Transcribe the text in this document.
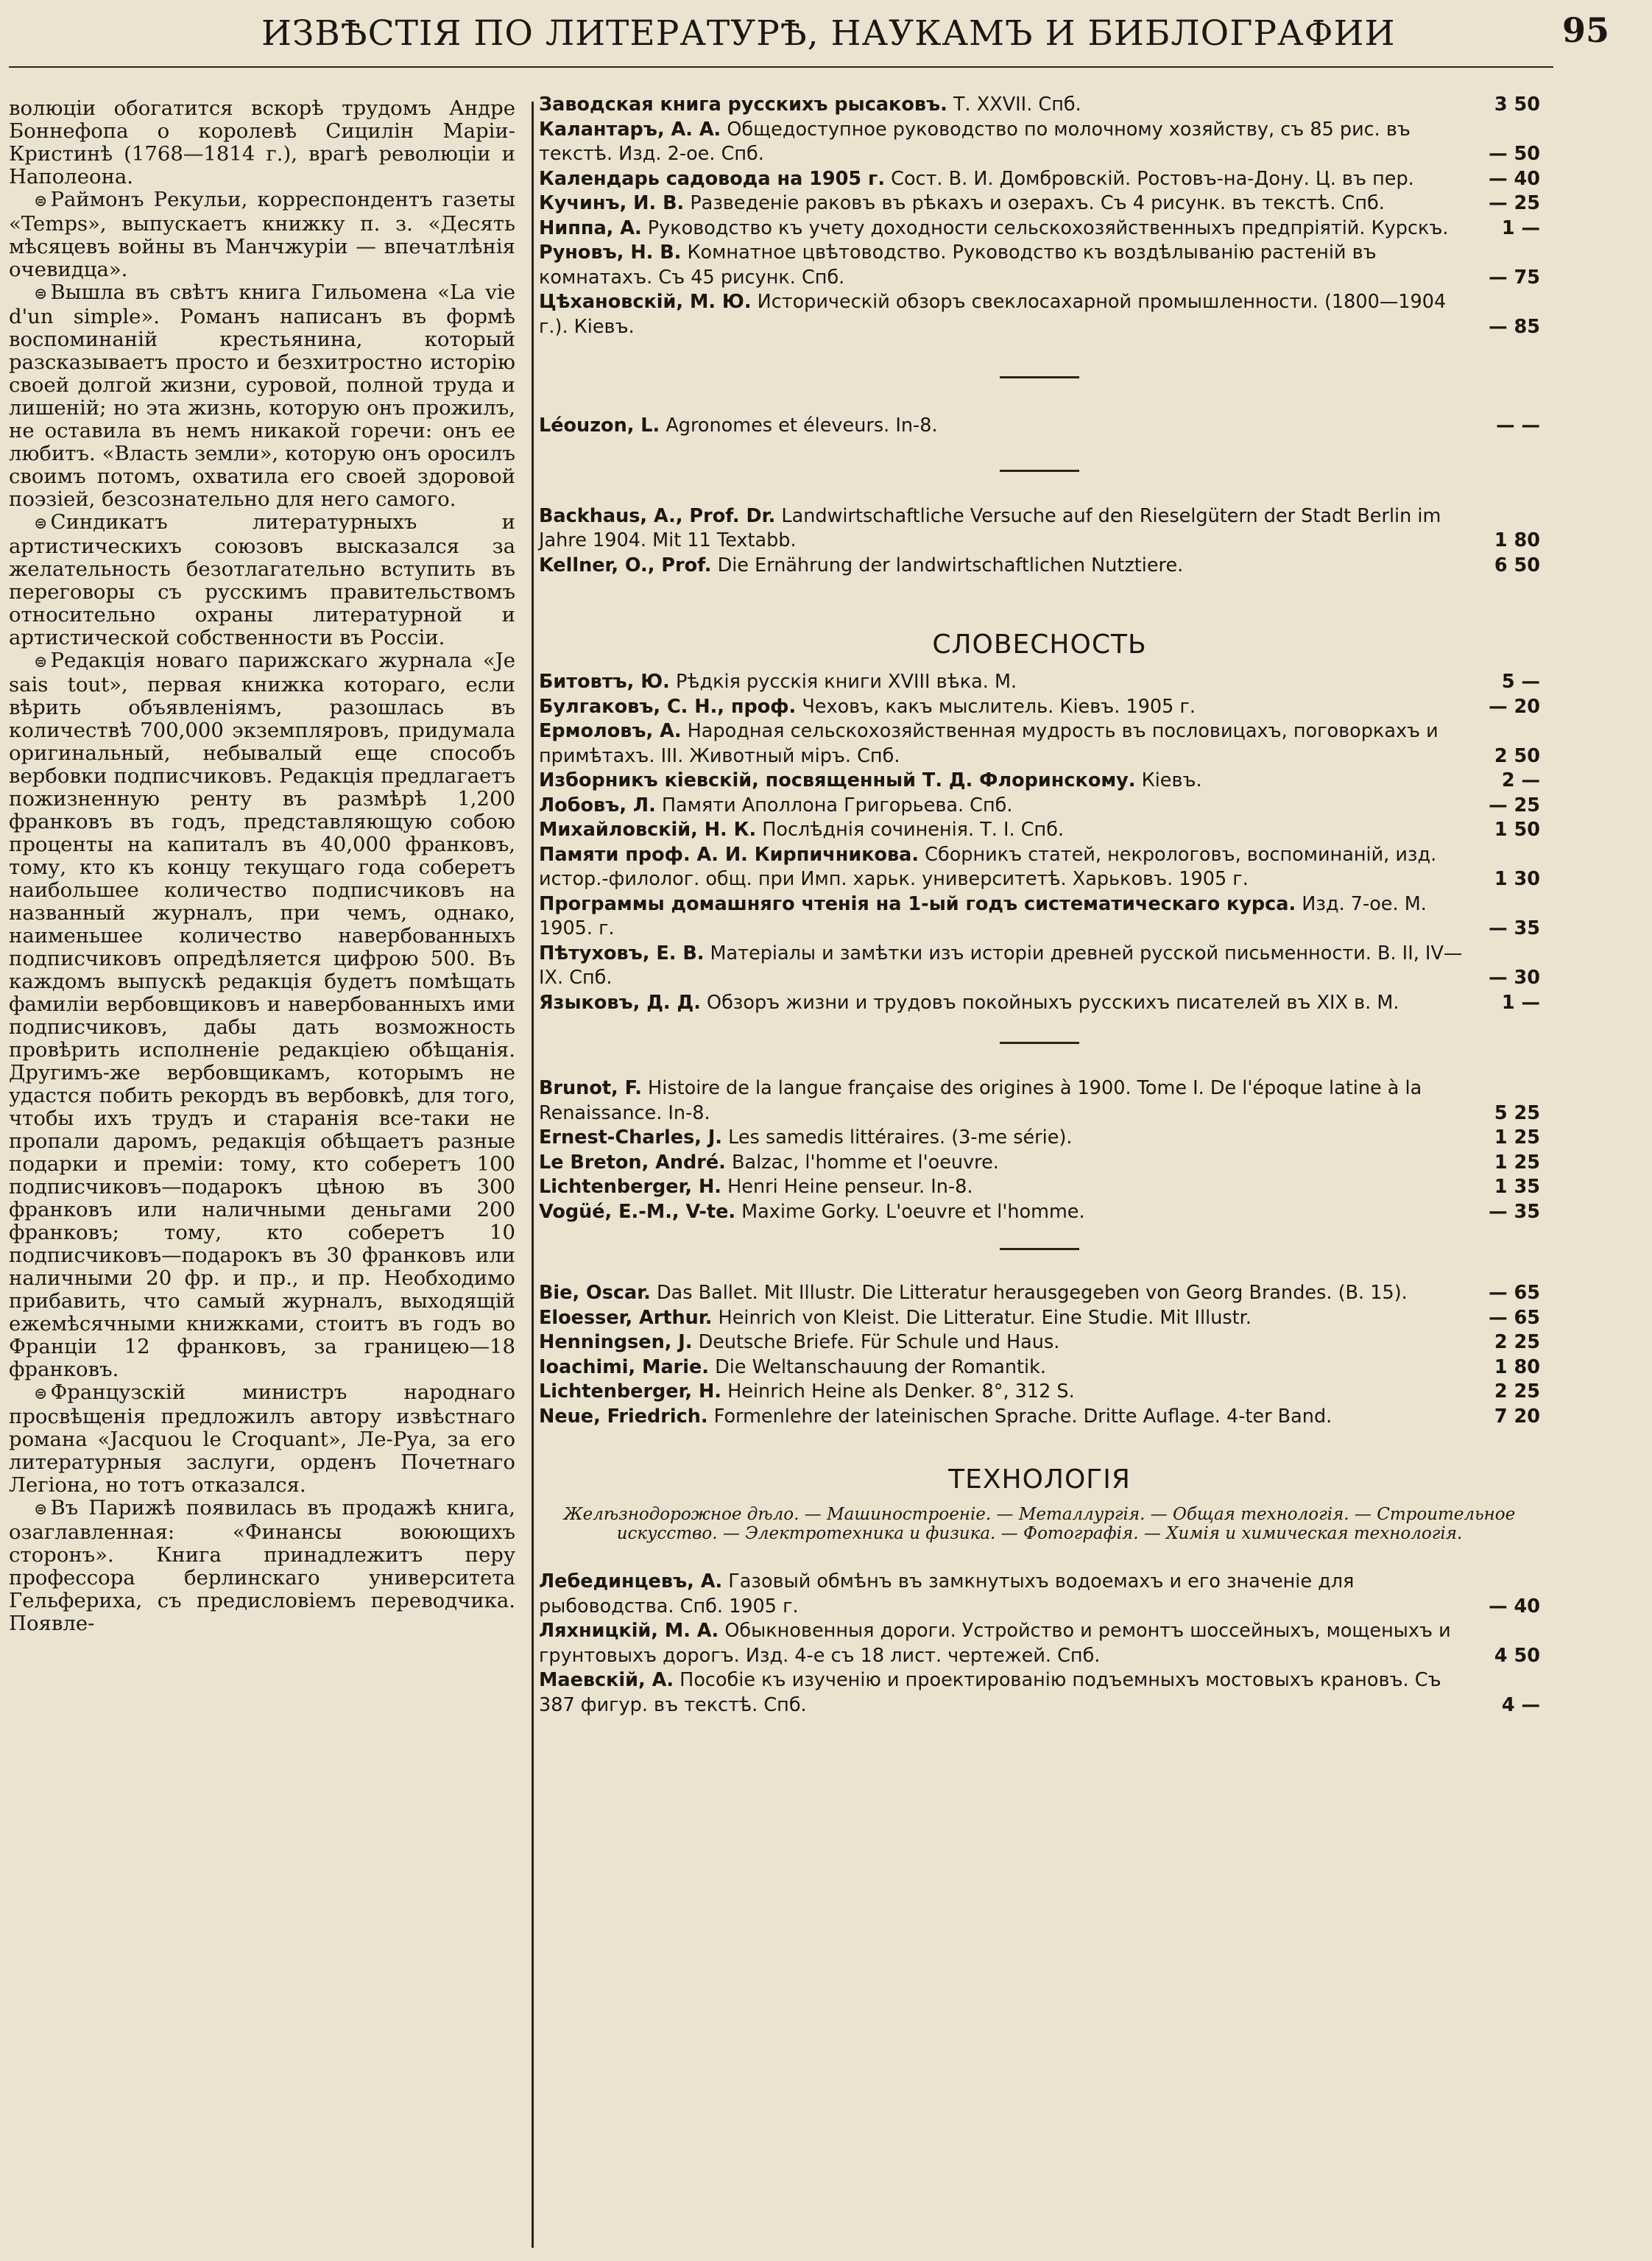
ИЗВѢСТІЯ ПО ЛИТЕРАТУРѢ, НАУКАМЪ И БИБЛОГРАФИИ	95

волюціи обогатится вскорѣ трудомъ Андре Боннефопа о королевѣ Сицилін Маріи-Кристинѣ (1768—1814 г.), врагѣ революціи и Наполеона.

⊜ Раймонъ Рекульи, корреспондентъ газеты «Temps», выпускаетъ книжку п. з. «Десять мѣсяцевъ войны въ Манчжуріи — впечатлѣнія очевидца».

⊜ Вышла въ свѣтъ книга Гильомена «La vie d'un simple». Романъ написанъ въ формѣ воспоминаній крестьянина, который разсказываетъ просто и безхитростно исторію своей долгой жизни, суровой, полной труда и лишеній; но эта жизнь, которую онъ прожилъ, не оставила въ немъ никакой горечи: онъ ее любитъ. «Власть земли», которую онъ оросилъ своимъ потомъ, охватила его своей здоровой поэзіей, безсознательно для него самого.

⊜ Синдикатъ литературныхъ и артистическихъ союзовъ высказался за желательность безотлагательно вступить въ переговоры съ русскимъ правительствомъ относительно охраны литературной и артистической собственности въ Россіи.

⊜ Редакція новаго парижскаго журнала «Je sais tout», первая книжка котораго, если вѣрить объявленіямъ, разошлась въ количествѣ 700,000 экземпляровъ, придумала оригинальный, небывалый еще способъ вербовки подписчиковъ. Редакція предлагаетъ пожизненную ренту въ размѣрѣ 1,200 франковъ въ годъ, представляющую собою проценты на капиталъ въ 40,000 франковъ, тому, кто къ концу текущаго года соберетъ наибольшее количество подписчиковъ на названный журналъ, при чемъ, однако, наименьшее количество навербованныхъ подписчиковъ опредѣляется цифрою 500. Въ каждомъ выпускѣ редакція будетъ помѣщать фамиліи вербовщиковъ и навербованныхъ ими подписчиковъ, дабы дать возможность провѣрить исполненіе редакціею обѣщанія. Другимъ-же вербовщикамъ, которымъ не удастся побить рекордъ въ вербовкѣ, для того, чтобы ихъ трудъ и старанія все-таки не пропали даромъ, редакція обѣщаетъ разные подарки и преміи: тому, кто соберетъ 100 подписчиковъ—подарокъ цѣною въ 300 франковъ или наличными деньгами 200 франковъ; тому, кто соберетъ 10 подписчиковъ—подарокъ въ 30 франковъ или наличными 20 фр. и пр., и пр. Необходимо прибавить, что самый журналъ, выходящій ежемѣсячными книжками, стоитъ въ годъ во Франціи 12 франковъ, за границею—18 франковъ.

⊜ Французскій министръ народнаго просвѣщенія предложилъ автору извѣстнаго романа «Jacquou le Croquant», Ле-Руа, за его литературныя заслуги, орденъ Почетнаго Легіона, но тотъ отказался.

⊜ Въ Парижѣ появилась въ продажѣ книга, озаглавленная: «Финансы воюющихъ сторонъ». Книга принадлежитъ перу профессора берлинскаго университета Гельфериха, съ предисловіемъ переводчика. Появле-

Заводская книга русскихъ рысаковъ. Т. XXVII. Спб.	3 50
Калантаръ, А. А. Общедоступное руководство по молочному хозяйству, съ 85 рис. въ текстѣ. Изд. 2-ое. Спб.	— 50
Календарь садовода на 1905 г. Сост. В. И. Домбровскій. Ростовъ-на-Дону. Ц. въ пер.	— 40
Кучинъ, И. В. Разведеніе раковъ въ рѣкахъ и озерахъ. Съ 4 рисунк. въ текстѣ. Спб.	— 25
Ниппа, А. Руководство къ учету доходности сельскохозяйственныхъ предпріятій. Курскъ.	1 —
Руновъ, Н. В. Комнатное цвѣтоводство. Руководство къ воздѣлыванію растеній въ комнатахъ. Съ 45 рисунк. Спб.	— 75
Цѣхановскій, М. Ю. Историческій обзоръ свеклосахарной промышленности. (1800—1904 г.). Кіевъ.	— 85
Léouzon, L. Agronomes et éleveurs. In-8.	— —
Backhaus, A., Prof. Dr. Landwirtschaftliche Versuche auf den Rieselgütern der Stadt Berlin im Jahre 1904. Mit 11 Textabb.	1 80
Kellner, O., Prof. Die Ernährung der landwirtschaftlichen Nutztiere.	6 50
СЛОВЕСНОСТЬ
Битовтъ, Ю. Рѣдкія русскія книги XVIII вѣка. М.	5 —
Булгаковъ, С. Н., проф. Чеховъ, какъ мыслитель. Кіевъ. 1905 г.	— 20
Ермоловъ, А. Народная сельскохозяйственная мудрость въ пословицахъ, поговоркахъ и примѣтахъ. III. Животный міръ. Спб.	2 50
Изборникъ кіевскій, посвященный Т. Д. Флоринскому. Кіевъ.	2 —
Лобовъ, Л. Памяти Аполлона Григорьева. Спб.	— 25
Михайловскій, Н. К. Послѣднія сочиненія. Т. I. Спб.	1 50
Памяти проф. А. И. Кирпичникова. Сборникъ статей, некрологовъ, воспоминаній, изд. истор.-филолог. общ. при Имп. харьк. университетѣ. Харьковъ. 1905 г.	1 30
Программы домашняго чтенія на 1-ый годъ систематическаго курса. Изд. 7-ое. М. 1905. г.	— 35
Пѣтуховъ, Е. В. Матеріалы и замѣтки изъ исторіи древней русской письменности. В. II, IV—IX. Спб.	— 30
Языковъ, Д. Д. Обзоръ жизни и трудовъ покойныхъ русскихъ писателей въ XIX в. М.	1 —
Brunot, F. Histoire de la langue française des origines à 1900. Tome I. De l'époque latine à la Renaissance. In-8.	5 25
Ernest-Charles, J. Les samedis littéraires. (3-me série).	1 25
Le Breton, André. Balzac, l'homme et l'oeuvre.	1 25
Lichtenberger, H. Henri Heine penseur. In-8.	1 35
Vogüé, E.-M., V-te. Maxime Gorky. L'oeuvre et l'homme.	— 35
Bie, Oscar. Das Ballet. Mit Illustr. Die Litteratur herausgegeben von Georg Brandes. (B. 15).	— 65
Eloesser, Arthur. Heinrich von Kleist. Die Litteratur. Eine Studie. Mit Illustr.	— 65
Henningsen, J. Deutsche Briefe. Für Schule und Haus.	2 25
Ioachimi, Marie. Die Weltanschauung der Romantik.	1 80
Lichtenberger, H. Heinrich Heine als Denker. 8°, 312 S.	2 25
Neue, Friedrich. Formenlehre der lateinischen Sprache. Dritte Auflage. 4-ter Band.	7 20
ТЕХНОЛОГІЯ
Желѣзнодорожное дѣло. — Машиностроеніе. — Металлургія. — Общая технологія. — Строительное искусство. — Электротехника и физика. — Фотографія. — Химія и химическая технологія.
Лебединцевъ, А. Газовый обмѣнъ въ замкнутыхъ водоемахъ и его значеніе для рыбоводства. Спб. 1905 г.	— 40
Ляхницкій, М. А. Обыкновенныя дороги. Устройство и ремонтъ шоссейныхъ, мощеныхъ и грунтовыхъ дорогъ. Изд. 4-е съ 18 лист. чертежей. Спб.	4 50
Маевскій, А. Пособіе къ изученію и проектированію подъемныхъ мостовыхъ крановъ. Съ 387 фигур. въ текстѣ. Спб.	4 —
